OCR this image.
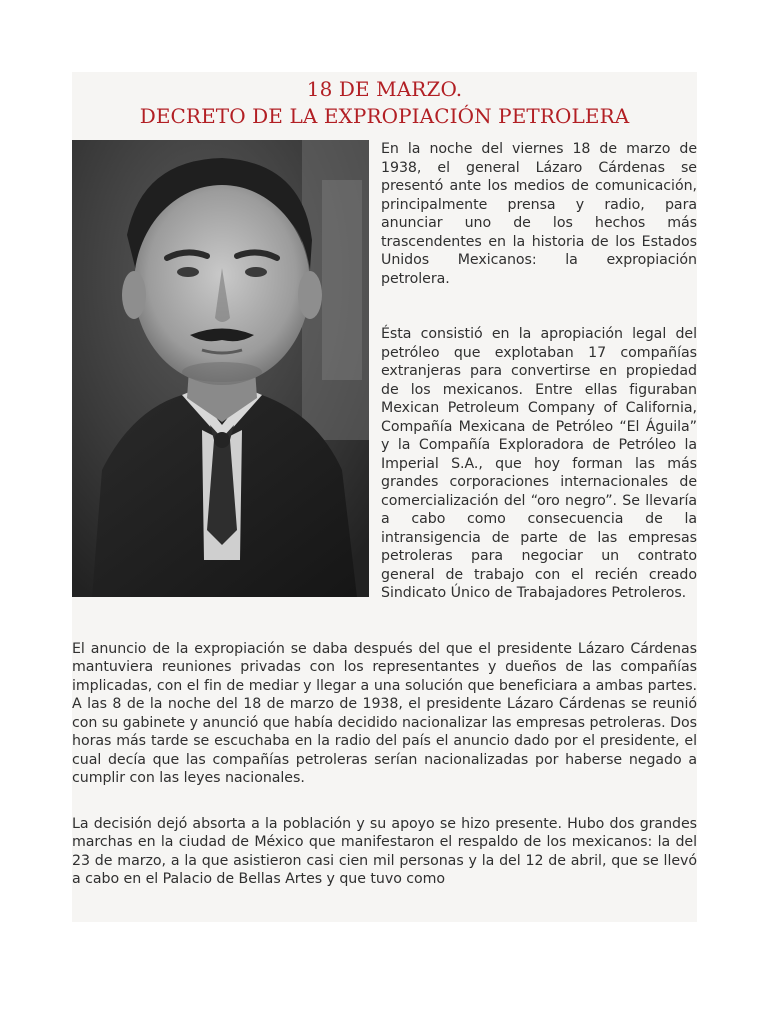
18 DE MARZO.
DECRETO DE LA EXPROPIACIÓN PETROLERA

En la noche del viernes 18 de marzo de 1938, el general Lázaro Cárdenas se presentó ante los medios de comunicación, principalmente prensa y radio, para anunciar uno de los hechos más trascendentes en la historia de los Estados Unidos Mexicanos: la expropiación petrolera.

Ésta consistió en la apropiación legal del petróleo que explotaban 17 compañías extranjeras para convertirse en propiedad de los mexicanos. Entre ellas figuraban Mexican Petroleum Company of California, Compañía Mexicana de Petróleo “El Águila” y la Compañía Exploradora de Petróleo la Imperial S.A., que hoy forman las más grandes corporaciones internacionales de comercialización del “oro negro”. Se llevaría a cabo como consecuencia de la intransigencia de parte de las empresas petroleras para negociar un contrato general de trabajo con el recién creado Sindicato Único de Trabajadores Petroleros.

El anuncio de la expropiación se daba después del que el presidente Lázaro Cárdenas mantuviera reuniones privadas con los representantes y dueños de las compañías implicadas, con el fin de mediar y llegar a una solución que beneficiara a ambas partes. A las 8 de la noche del 18 de marzo de 1938, el presidente Lázaro Cárdenas se reunió con su gabinete y anunció que había decidido nacionalizar las empresas petroleras. Dos horas más tarde se escuchaba en la radio del país el anuncio dado por el presidente, el cual decía que las compañías petroleras serían nacionalizadas por haberse negado a cumplir con las leyes nacionales.

La decisión dejó absorta a la población y su apoyo se hizo presente. Hubo dos grandes marchas en la ciudad de México que manifestaron el respaldo de los mexicanos: la del 23 de marzo, a la que asistieron casi cien mil personas y la del 12 de abril, que se llevó a cabo en el Palacio de Bellas Artes y que tuvo como
